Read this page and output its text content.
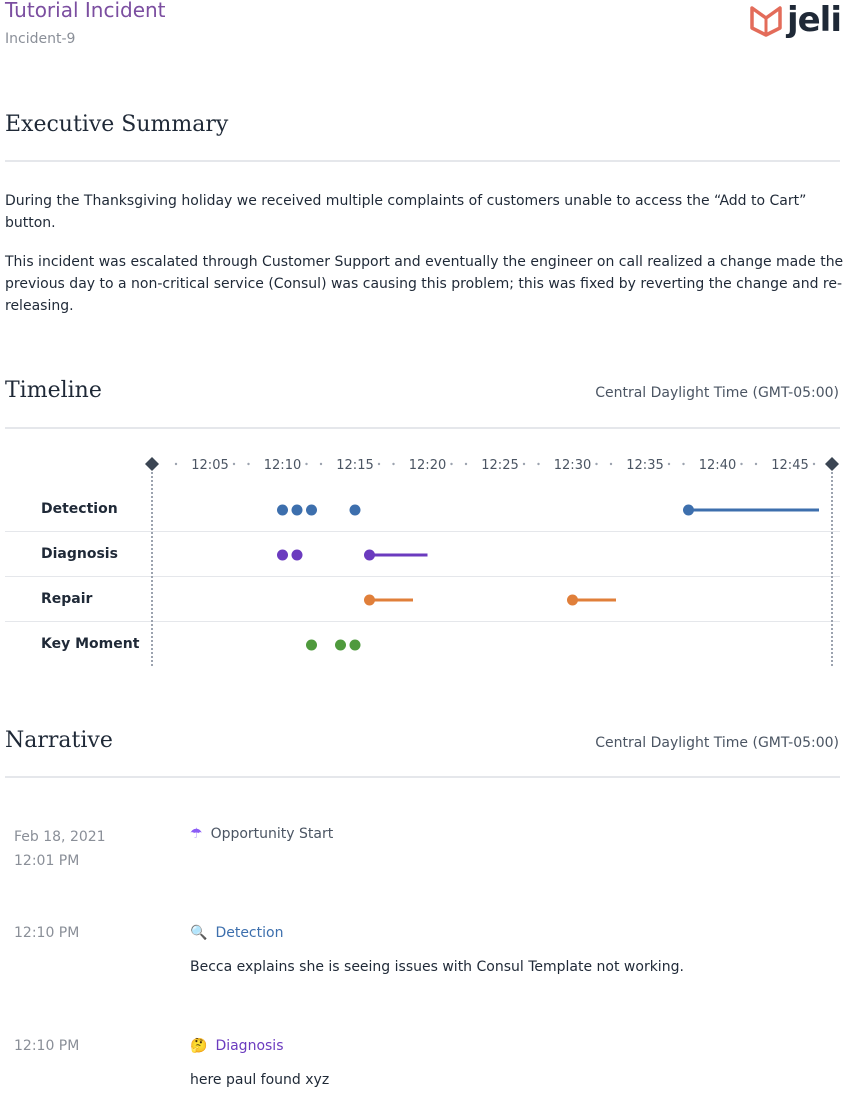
Tutorial Incident
Incident-9	jeli
Executive Summary
During the Thanksgiving holiday we received multiple complaints of customers unable to access the “Add to Cart” button.
This incident was escalated through Customer Support and eventually the engineer on call realized a change made the previous day to a non-critical service (Consul) was causing this problem; this was fixed by reverting the change and re-releasing.
Timeline	Central Daylight Time (GMT-05:00)
Detection
Diagnosis
Repair
Key Moment
12:05	12:10	12:15	12:20	12:25	12:30	12:35	12:40	12:45
Narrative	Central Daylight Time (GMT-05:00)
Feb 18, 2021
12:01 PM
☂ Opportunity Start
12:10 PM	🔍 Detection
Becca explains she is seeing issues with Consul Template not working.
12:10 PM	🤔 Diagnosis
here paul found xyz
